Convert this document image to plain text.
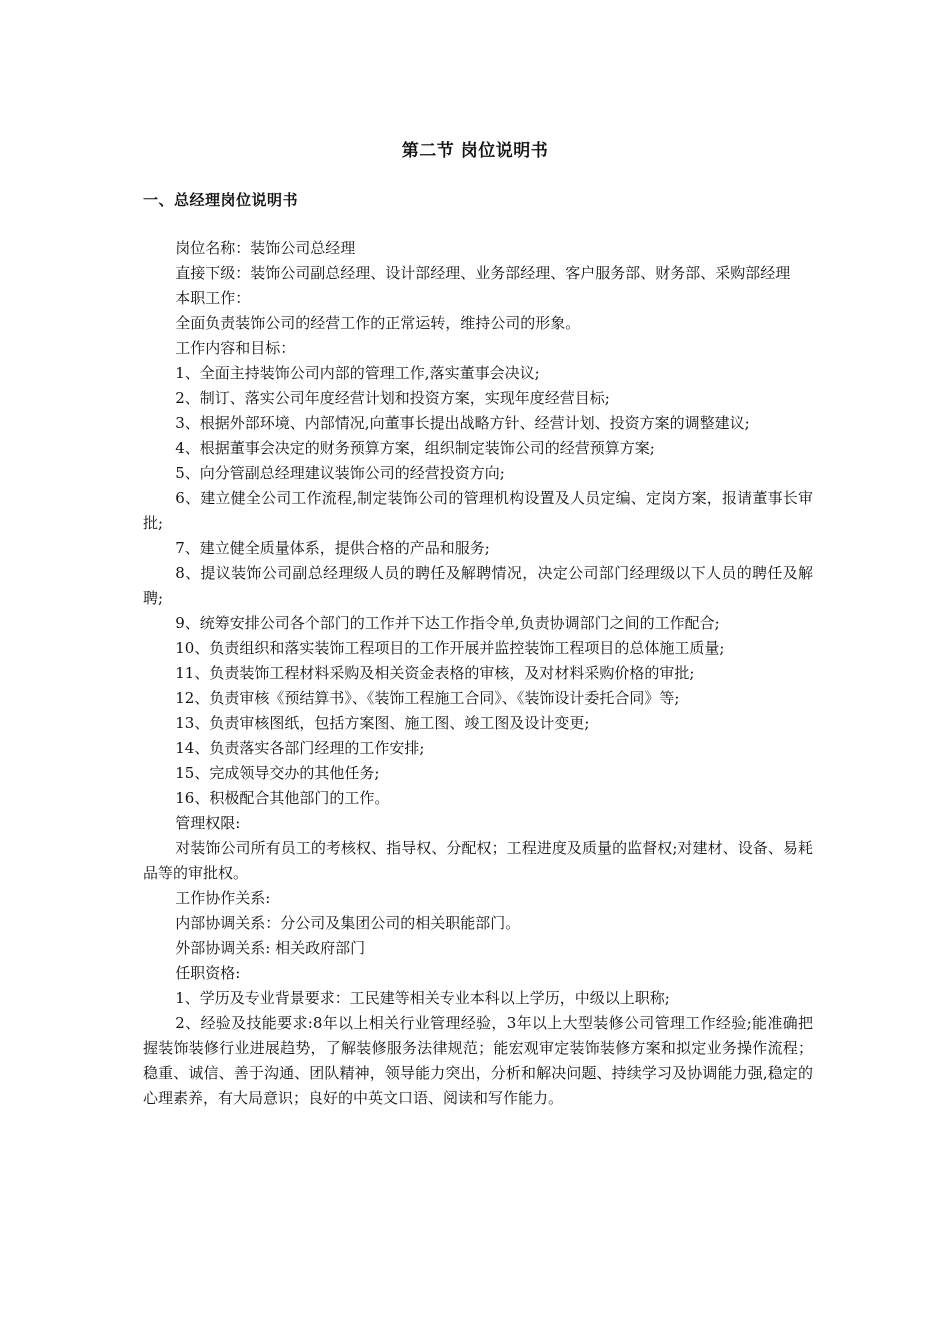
第二节 岗位说明书
一、总经理岗位说明书

岗位名称：装饰公司总经理

直接下级：装饰公司副总经理、设计部经理、业务部经理、客户服务部、财务部、采购部经理

本职工作：

全面负责装饰公司的经营工作的正常运转，维持公司的形象。

工作内容和目标：

1、全面主持装饰公司内部的管理工作,落实董事会决议;

2、制订、落实公司年度经营计划和投资方案，实现年度经营目标;

3、根据外部环境、内部情况,向董事长提出战略方针、经营计划、投资方案的调整建议;

4、根据董事会决定的财务预算方案，组织制定装饰公司的经营预算方案;

5、向分管副总经理建议装饰公司的经营投资方向;

6、建立健全公司工作流程,制定装饰公司的管理机构设置及人员定编、定岗方案，报请董事长审批;

7、建立健全质量体系，提供合格的产品和服务;

8、提议装饰公司副总经理级人员的聘任及解聘情况，决定公司部门经理级以下人员的聘任及解聘;

9、统筹安排公司各个部门的工作并下达工作指令单,负责协调部门之间的工作配合;

10、负责组织和落实装饰工程项目的工作开展并监控装饰工程项目的总体施工质量;

11、负责装饰工程材料采购及相关资金表格的审核，及对材料采购价格的审批;

12、负责审核《预结算书》、《装饰工程施工合同》、《装饰设计委托合同》等;

13、负责审核图纸，包括方案图、施工图、竣工图及设计变更;

14、负责落实各部门经理的工作安排;

15、完成领导交办的其他任务;

16、积极配合其他部门的工作。

管理权限:

对装饰公司所有员工的考核权、指导权、分配权；工程进度及质量的监督权;对建材、设备、易耗品等的审批权。

工作协作关系:

内部协调关系：分公司及集团公司的相关职能部门。

外部协调关系: 相关政府部门

任职资格:

1、学历及专业背景要求：工民建等相关专业本科以上学历，中级以上职称;

2、经验及技能要求:8年以上相关行业管理经验，3年以上大型装修公司管理工作经验;能准确把握装饰装修行业进展趋势，了解装修服务法律规范；能宏观审定装饰装修方案和拟定业务操作流程；稳重、诚信、善于沟通、团队精神，领导能力突出，分析和解决问题、持续学习及协调能力强,稳定的心理素养，有大局意识；良好的中英文口语、阅读和写作能力。
